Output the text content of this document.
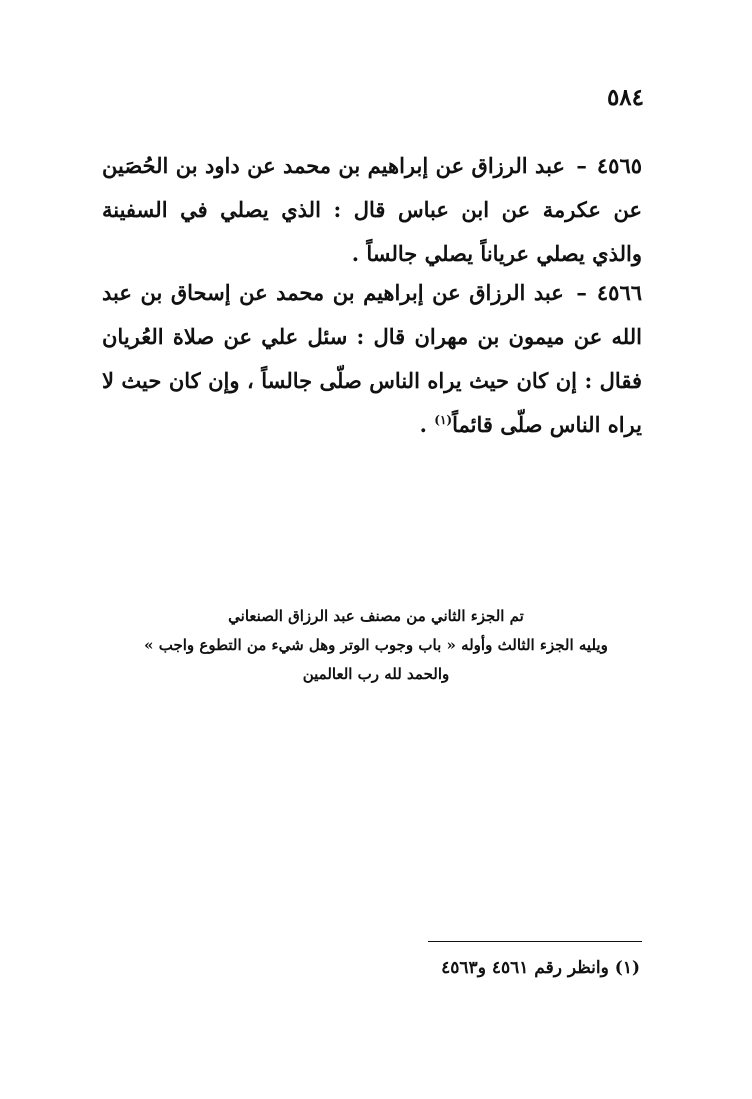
٥٨٤

٤٥٦٥– عبد الرزاق عن إبراهيم بن محمد عن داود بن الحُصَين عن عكرمة عن ابن عباس قال : الذي يصلي في السفينة والذي يصلي عرياناً يصلي جالساً .

٤٥٦٦– عبد الرزاق عن إبراهيم بن محمد عن إسحاق بن عبد الله عن ميمون بن مهران قال : سئل علي عن صلاة العُريان فقال : إن كان حيث يراه الناس صلّى جالساً ، وإن كان حيث لا يراه الناس صلّى قائماً$^{(١)}$ .

تم الجزء الثاني من مصنف عبد الرزاق الصنعاني
ويليه الجزء الثالث وأوله « باب وجوب الوتر وهل شيء من التطوع واجب »
والحمد لله رب العالمين
(١) وانظر رقم ٤٥٦١ و٤٥٦٣
